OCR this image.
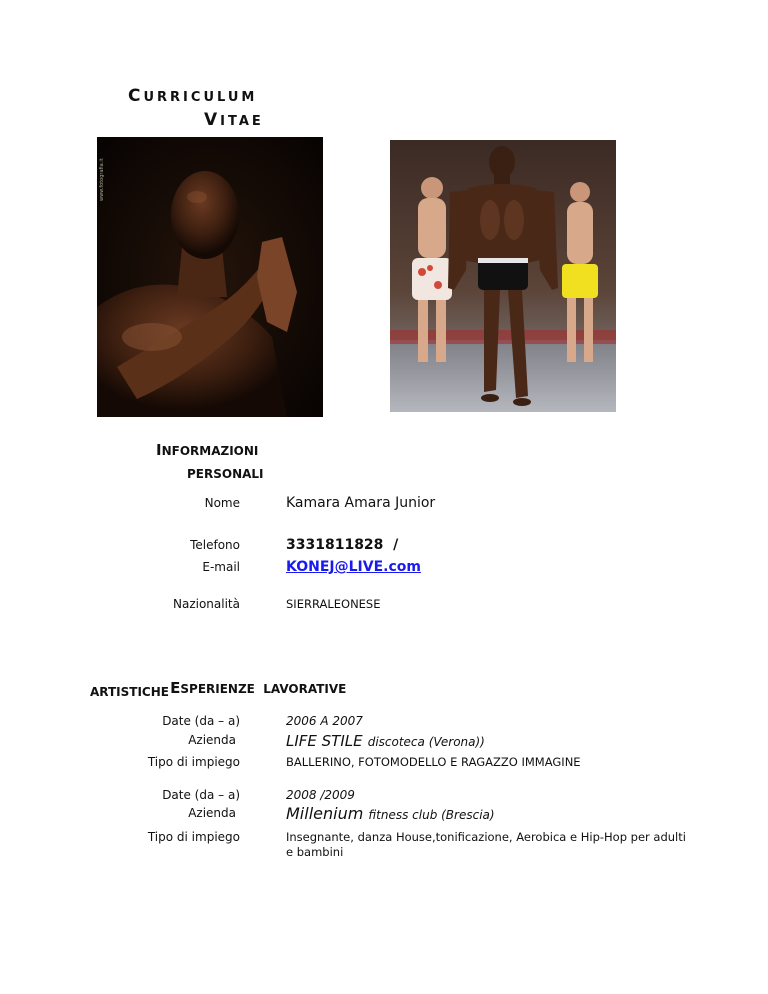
CURRICULUM
VITAE
www.fotografia.it
INFORMAZIONI
PERSONALI
Nome	Kamara Amara Junior
Telefono	3331811828  /
E-mail	KONEJ@LIVE.com
Nazionalità	SIERRALEONESE

ESPERIENZE  LAVORATIVE

ARTISTICHE
Date (da – a)	2006 A 2007
Azienda	LIFE STILE discoteca (Verona))
Tipo di impiego	BALLERINO, FOTOMODELLO E RAGAZZO IMMAGINE
Date (da – a)	2008 /2009
Azienda	Millenium fitness club (Brescia)
Tipo di impiego	Insegnante, danza House,tonificazione, Aerobica e Hip-Hop per adulti
e bambini
